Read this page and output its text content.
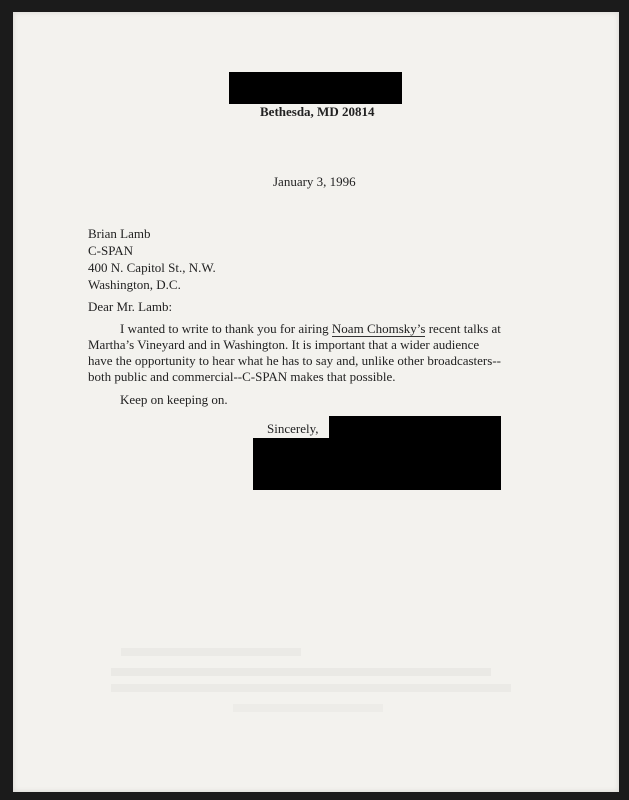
Bethesda, MD 20814
January 3, 1996
Brian Lamb
C-SPAN
400 N. Capitol St., N.W.
Washington, D.C.
Dear Mr. Lamb:
I wanted to write to thank you for airing Noam Chomsky’s recent talks at
Martha’s Vineyard and in Washington. It is important that a wider audience
have the opportunity to hear what he has to say and, unlike other broadcasters--
both public and commercial--C-SPAN makes that possible.
Keep on keeping on.
Sincerely,
